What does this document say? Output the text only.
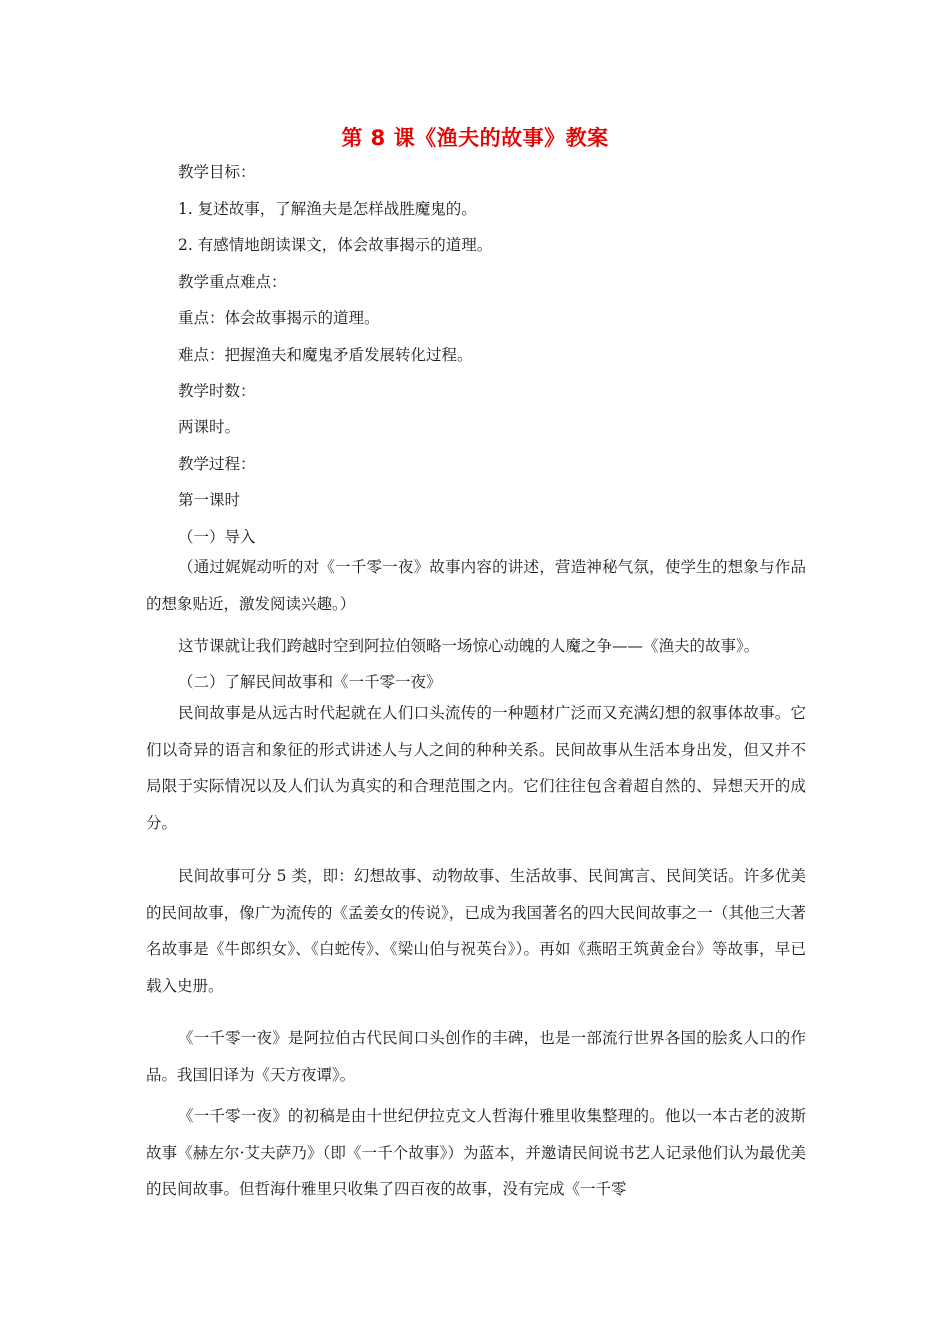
第 8 课《渔夫的故事》教案
教学目标：
1. 复述故事，了解渔夫是怎样战胜魔鬼的。
2. 有感情地朗读课文，体会故事揭示的道理。
教学重点难点：
重点：体会故事揭示的道理。
难点：把握渔夫和魔鬼矛盾发展转化过程。
教学时数：
两课时。
教学过程：
第一课时
（一）导入
（通过娓娓动听的对《一千零一夜》故事内容的讲述，营造神秘气氛，使学生的想象与作品的想象贴近，激发阅读兴趣。）
这节课就让我们跨越时空到阿拉伯领略一场惊心动魄的人魔之争——《渔夫的故事》。
（二）了解民间故事和《一千零一夜》
民间故事是从远古时代起就在人们口头流传的一种题材广泛而又充满幻想的叙事体故事。它们以奇异的语言和象征的形式讲述人与人之间的种种关系。民间故事从生活本身出发，但又并不局限于实际情况以及人们认为真实的和合理范围之内。它们往往包含着超自然的、异想天开的成分。
民间故事可分 5 类，即：幻想故事、动物故事、生活故事、民间寓言、民间笑话。许多优美的民间故事，像广为流传的《孟姜女的传说》，已成为我国著名的四大民间故事之一（其他三大著名故事是《牛郎织女》、《白蛇传》、《梁山伯与祝英台》）。再如《燕昭王筑黄金台》等故事，早已载入史册。
《一千零一夜》是阿拉伯古代民间口头创作的丰碑，也是一部流行世界各国的脍炙人口的作品。我国旧译为《天方夜谭》。
《一千零一夜》的初稿是由十世纪伊拉克文人哲海什雅里收集整理的。他以一本古老的波斯故事《赫左尔·艾夫萨乃》（即《一千个故事》）为蓝本，并邀请民间说书艺人记录他们认为最优美的民间故事。但哲海什雅里只收集了四百夜的故事，没有完成《一千零
